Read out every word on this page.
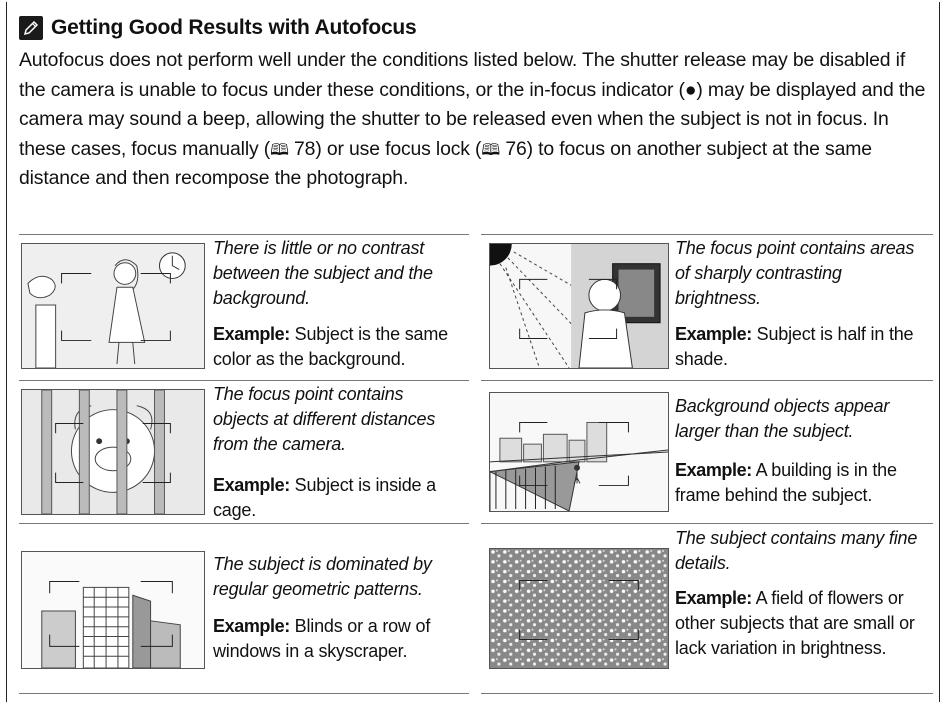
Getting Good Results with Autofocus
Autofocus does not perform well under the conditions listed below. The shutter release may be disabled if the camera is unable to focus under these conditions, or the in-focus indicator (●) may be displayed and the camera may sound a beep, allowing the shutter to be released even when the subject is not in focus. In these cases, focus manually (🕮 78) or use focus lock (🕮 76) to focus on another subject at the same distance and then recompose the photograph.

There is little or no contrast between the subject and the background.

Example: Subject is the same color as the background.

The focus point contains areas of sharply contrasting brightness.

Example: Subject is half in the shade.

The focus point contains objects at different distances from the camera.

Example: Subject is inside a cage.

Background objects appear larger than the subject.

Example: A building is in the frame behind the subject.

The subject is dominated by regular geometric patterns.

Example: Blinds or a row of windows in a skyscraper.

The subject contains many fine details.

Example: A field of flowers or other subjects that are small or lack variation in brightness.
